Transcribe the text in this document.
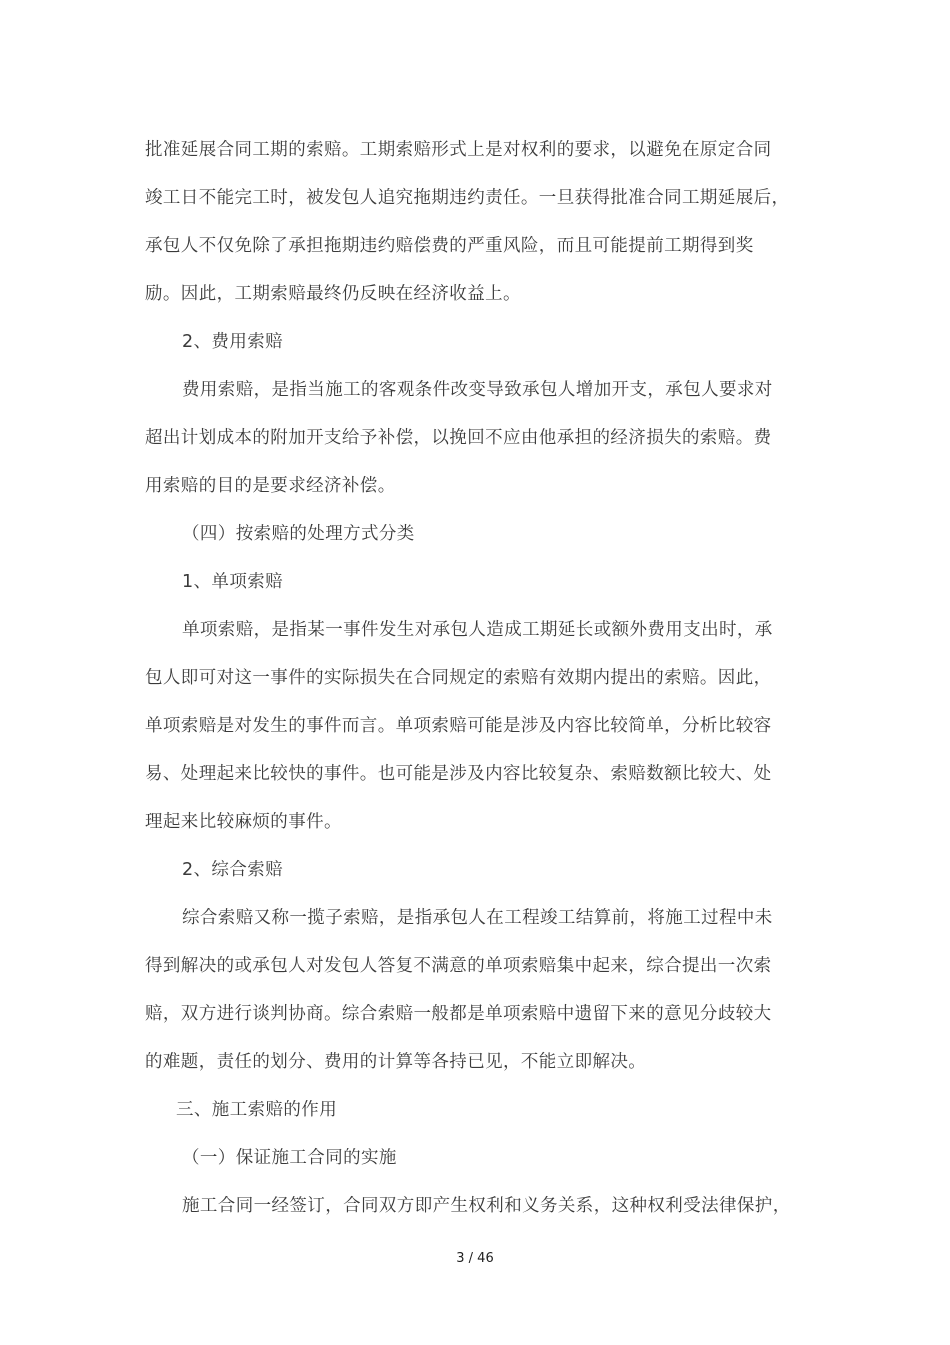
批准延展合同工期的索赔。工期索赔形式上是对权利的要求，以避免在原定合同
竣工日不能完工时，被发包人追究拖期违约责任。一旦获得批准合同工期延展后，
承包人不仅免除了承担拖期违约赔偿费的严重风险，而且可能提前工期得到奖
励。因此，工期索赔最终仍反映在经济收益上。
2、费用索赔
费用索赔，是指当施工的客观条件改变导致承包人增加开支，承包人要求对
超出计划成本的附加开支给予补偿，以挽回不应由他承担的经济损失的索赔。费
用索赔的目的是要求经济补偿。
（四）按索赔的处理方式分类
1、单项索赔
单项索赔，是指某一事件发生对承包人造成工期延长或额外费用支出时，承
包人即可对这一事件的实际损失在合同规定的索赔有效期内提出的索赔。因此，
单项索赔是对发生的事件而言。单项索赔可能是涉及内容比较简单，分析比较容
易、处理起来比较快的事件。也可能是涉及内容比较复杂、索赔数额比较大、处
理起来比较麻烦的事件。
2、综合索赔
综合索赔又称一揽子索赔，是指承包人在工程竣工结算前，将施工过程中未
得到解决的或承包人对发包人答复不满意的单项索赔集中起来，综合提出一次索
赔，双方进行谈判协商。综合索赔一般都是单项索赔中遗留下来的意见分歧较大
的难题，责任的划分、费用的计算等各持已见，不能立即解决。
三、施工索赔的作用
（一）保证施工合同的实施
施工合同一经签订，合同双方即产生权利和义务关系，这种权利受法律保护，
3 / 46
